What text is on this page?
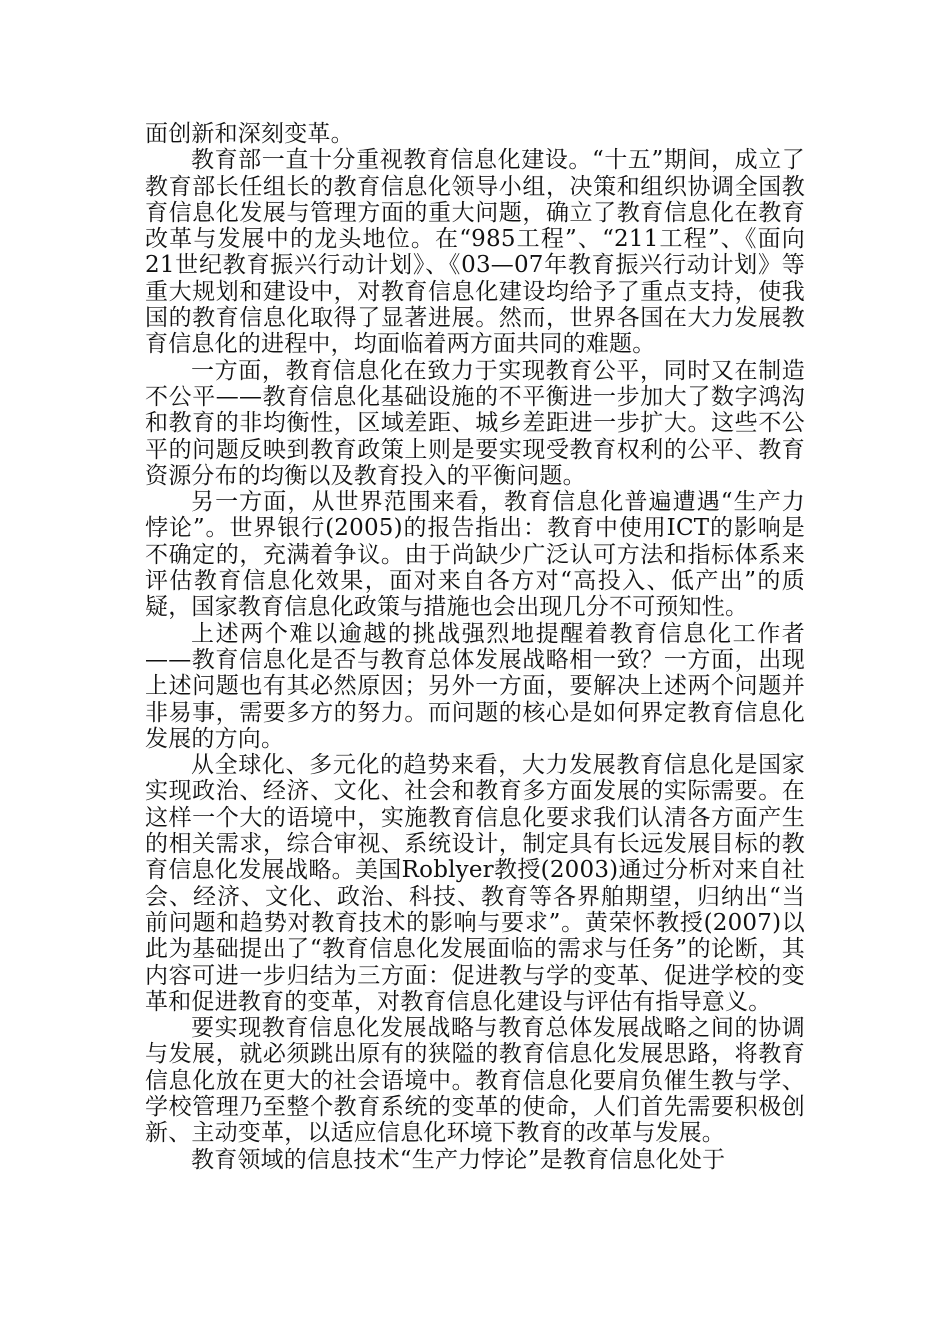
面创新和深刻变革。

教育部一直十分重视教育信息化建设。“十五”期间，成立了教育部长任组长的教育信息化领导小组，决策和组织协调全国教育信息化发展与管理方面的重大问题，确立了教育信息化在教育改革与发展中的龙头地位。在“985工程”、“211工程”、《面向21世纪教育振兴行动计划》、《03—07年教育振兴行动计划》等重大规划和建设中，对教育信息化建设均给予了重点支持，使我国的教育信息化取得了显著进展。然而，世界各国在大力发展教育信息化的进程中，均面临着两方面共同的难题。

一方面，教育信息化在致力于实现教育公平，同时又在制造不公平——教育信息化基础设施的不平衡进一步加大了数字鸿沟和教育的非均衡性，区域差距、城乡差距进一步扩大。这些不公平的问题反映到教育政策上则是要实现受教育权利的公平、教育资源分布的均衡以及教育投入的平衡问题。

另一方面，从世界范围来看，教育信息化普遍遭遇“生产力悖论”。世界银行(2005)的报告指出：教育中使用ICT的影响是不确定的，充满着争议。由于尚缺少广泛认可方法和指标体系来评估教育信息化效果，面对来自各方对“高投入、低产出”的质疑，国家教育信息化政策与措施也会出现几分不可预知性。

上述两个难以逾越的挑战强烈地提醒着教育信息化工作者——教育信息化是否与教育总体发展战略相一致？一方面，出现上述问题也有其必然原因；另外一方面，要解决上述两个问题并非易事，需要多方的努力。而问题的核心是如何界定教育信息化发展的方向。

从全球化、多元化的趋势来看，大力发展教育信息化是国家实现政治、经济、文化、社会和教育多方面发展的实际需要。在这样一个大的语境中，实施教育信息化要求我们认清各方面产生的相关需求，综合审视、系统设计，制定具有长远发展目标的教育信息化发展战略。美国Roblyer教授(2003)通过分析对来自社会、经济、文化、政治、科技、教育等各界舶期望，归纳出“当前问题和趋势对教育技术的影响与要求”。黄荣怀教授(2007)以此为基础提出了“教育信息化发展面临的需求与任务”的论断，其内容可进一步归结为三方面：促进教与学的变革、促进学校的变革和促进教育的变革，对教育信息化建设与评估有指导意义。

要实现教育信息化发展战略与教育总体发展战略之间的协调与发展，就必须跳出原有的狭隘的教育信息化发展思路，将教育信息化放在更大的社会语境中。教育信息化要肩负催生教与学、学校管理乃至整个教育系统的变革的使命，人们首先需要积极创新、主动变革，以适应信息化环境下教育的改革与发展。

教育领域的信息技术“生产力悖论”是教育信息化处于
